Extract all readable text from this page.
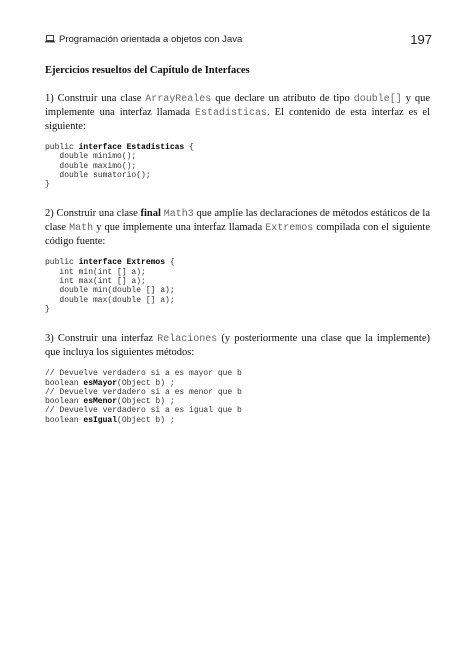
Programación orientada a objetos con Java	197
Ejercicios resueltos del Capítulo de Interfaces

1) Construir una clase ArrayReales que declare un atributo de tipo double[] y que implemente una interfaz llamada Estadisticas. El contenido de esta interfaz es el siguiente:

public interface Estadisticas {
double minimo();
double maximo();
double sumatorio();
}

2) Construir una clase final Math3 que amplíe las declaraciones de métodos estáticos de la clase Math y que implemente una interfaz llamada Extremos compilada con el siguiente código fuente:

public interface Extremos {
int min(int [] a);
int max(int [] a);
double min(double [] a);
double max(double [] a);
}

3) Construir una interfaz Relaciones (y posteriormente una clase que la implemente) que incluya los siguientes métodos:

// Devuelve verdadero si a es mayor que b
boolean esMayor(Object b) ;
// Devuelve verdadero si a es menor que b
boolean esMenor(Object b) ;
// Devuelve verdadero si a es igual que b
boolean esIgual(Object b) ;
